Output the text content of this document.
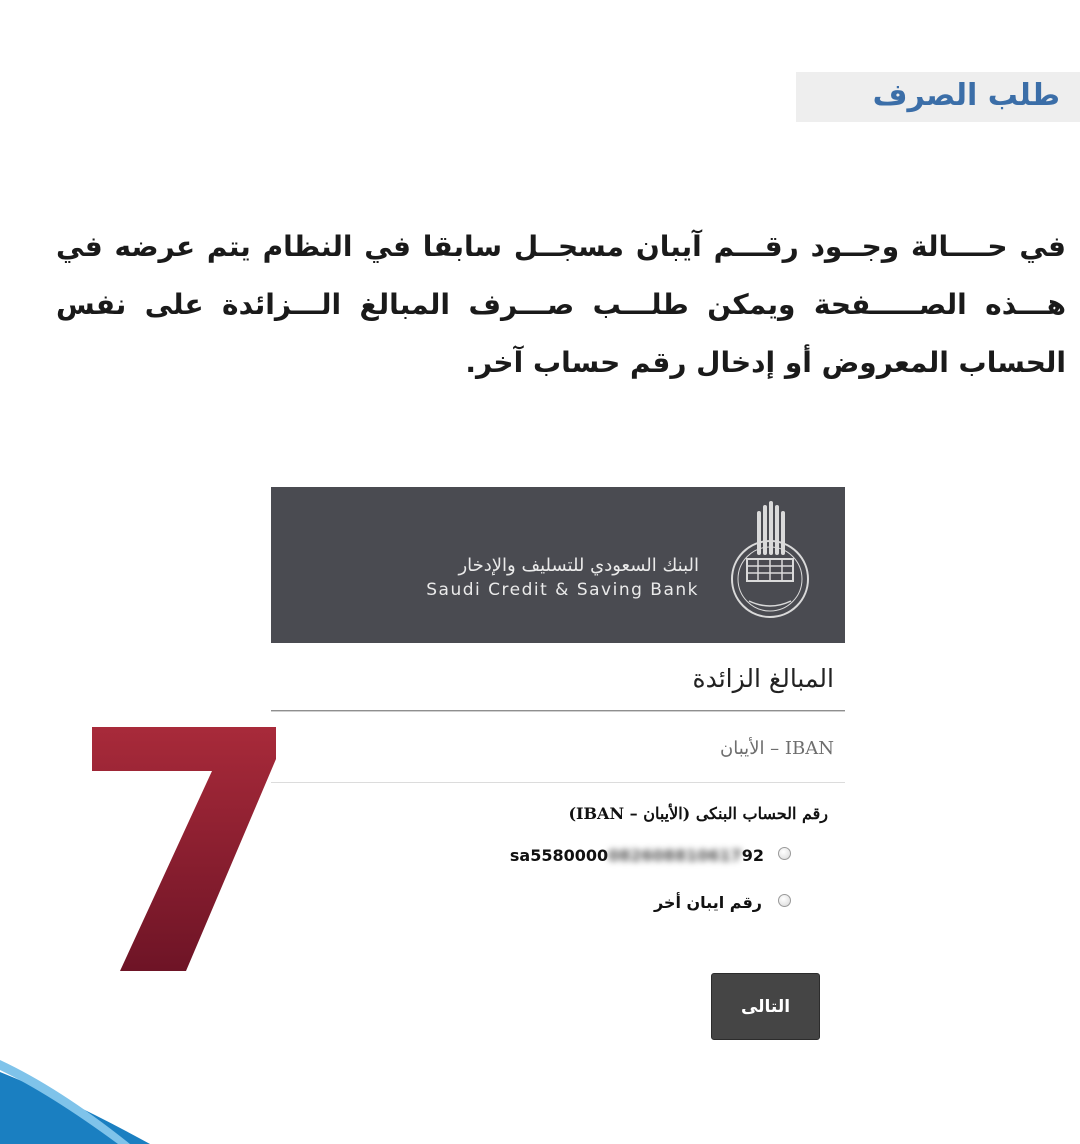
طلب الصرف

في حــــالة وجــود رقـــم آيبان مسجــل سابقا في النظام يتم عرضه في هـــذه الصـــــفحة ويمكن طلـــب صـــرف المبالغ الـــزائدة على نفس الحساب المعروض أو إدخال رقم حساب آخر.

البنك السعودي للتسليف والإدخار
Saudi Credit & Saving Bank
المبالغ الزائدة
IBAN – الأيبان
رقم الحساب البنكى (الأيبان – IBAN)
sa558000008260881061792
رقم ايبان أخر
التالى
